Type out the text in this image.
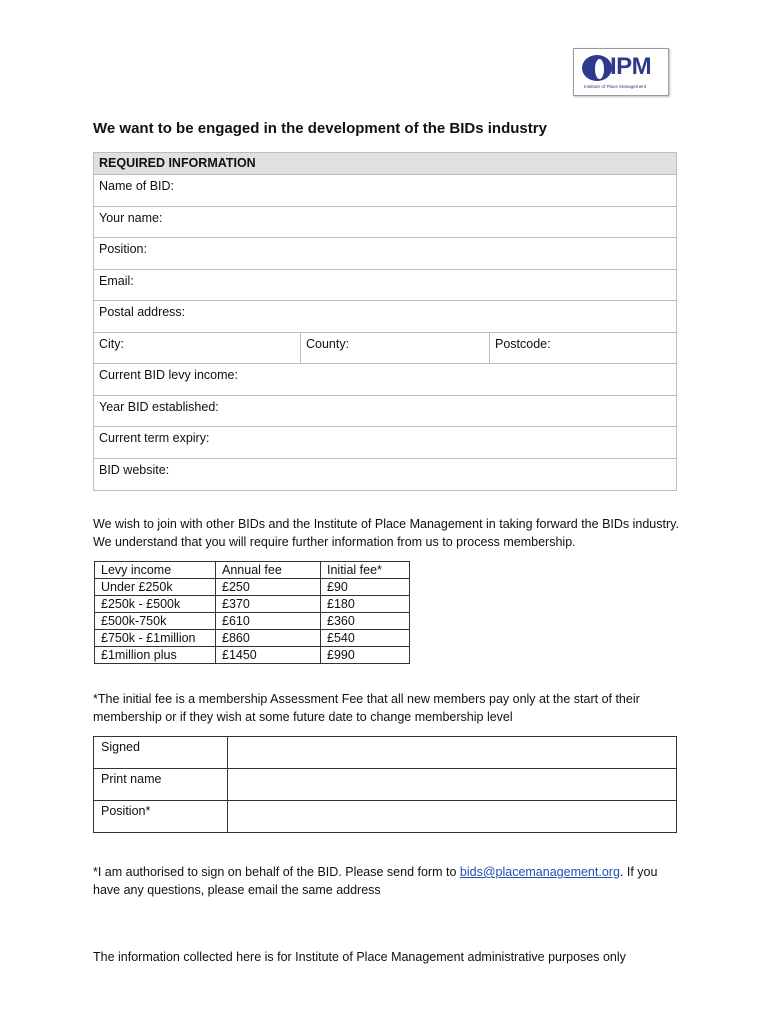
IPM
Institute of Place Management
We want to be engaged in the development of the BIDs industry
REQUIRED INFORMATION
Name of BID:
Your name:
Position:
Email:
Postal address:
City:	County:	Postcode:
Current BID levy income:
Year BID established:
Current term expiry:
BID website:

We wish to join with other BIDs and the Institute of Place Management in taking forward the BIDs industry. We understand that you will require further information from us to process membership.

Levy income	Annual fee	Initial fee*
Under £250k	£250	£90
£250k - £500k	£370	£180
£500k-750k	£610	£360
£750k - £1million	£860	£540
£1million plus	£1450	£990

*The initial fee is a membership Assessment Fee that all new members pay only at the start of their membership or if they wish at some future date to change membership level

Signed	
Print name	
Position*	

*I am authorised to sign on behalf of the BID. Please send form to bids@placemanagement.org. If you have any questions, please email the same address

The information collected here is for Institute of Place Management administrative purposes only
